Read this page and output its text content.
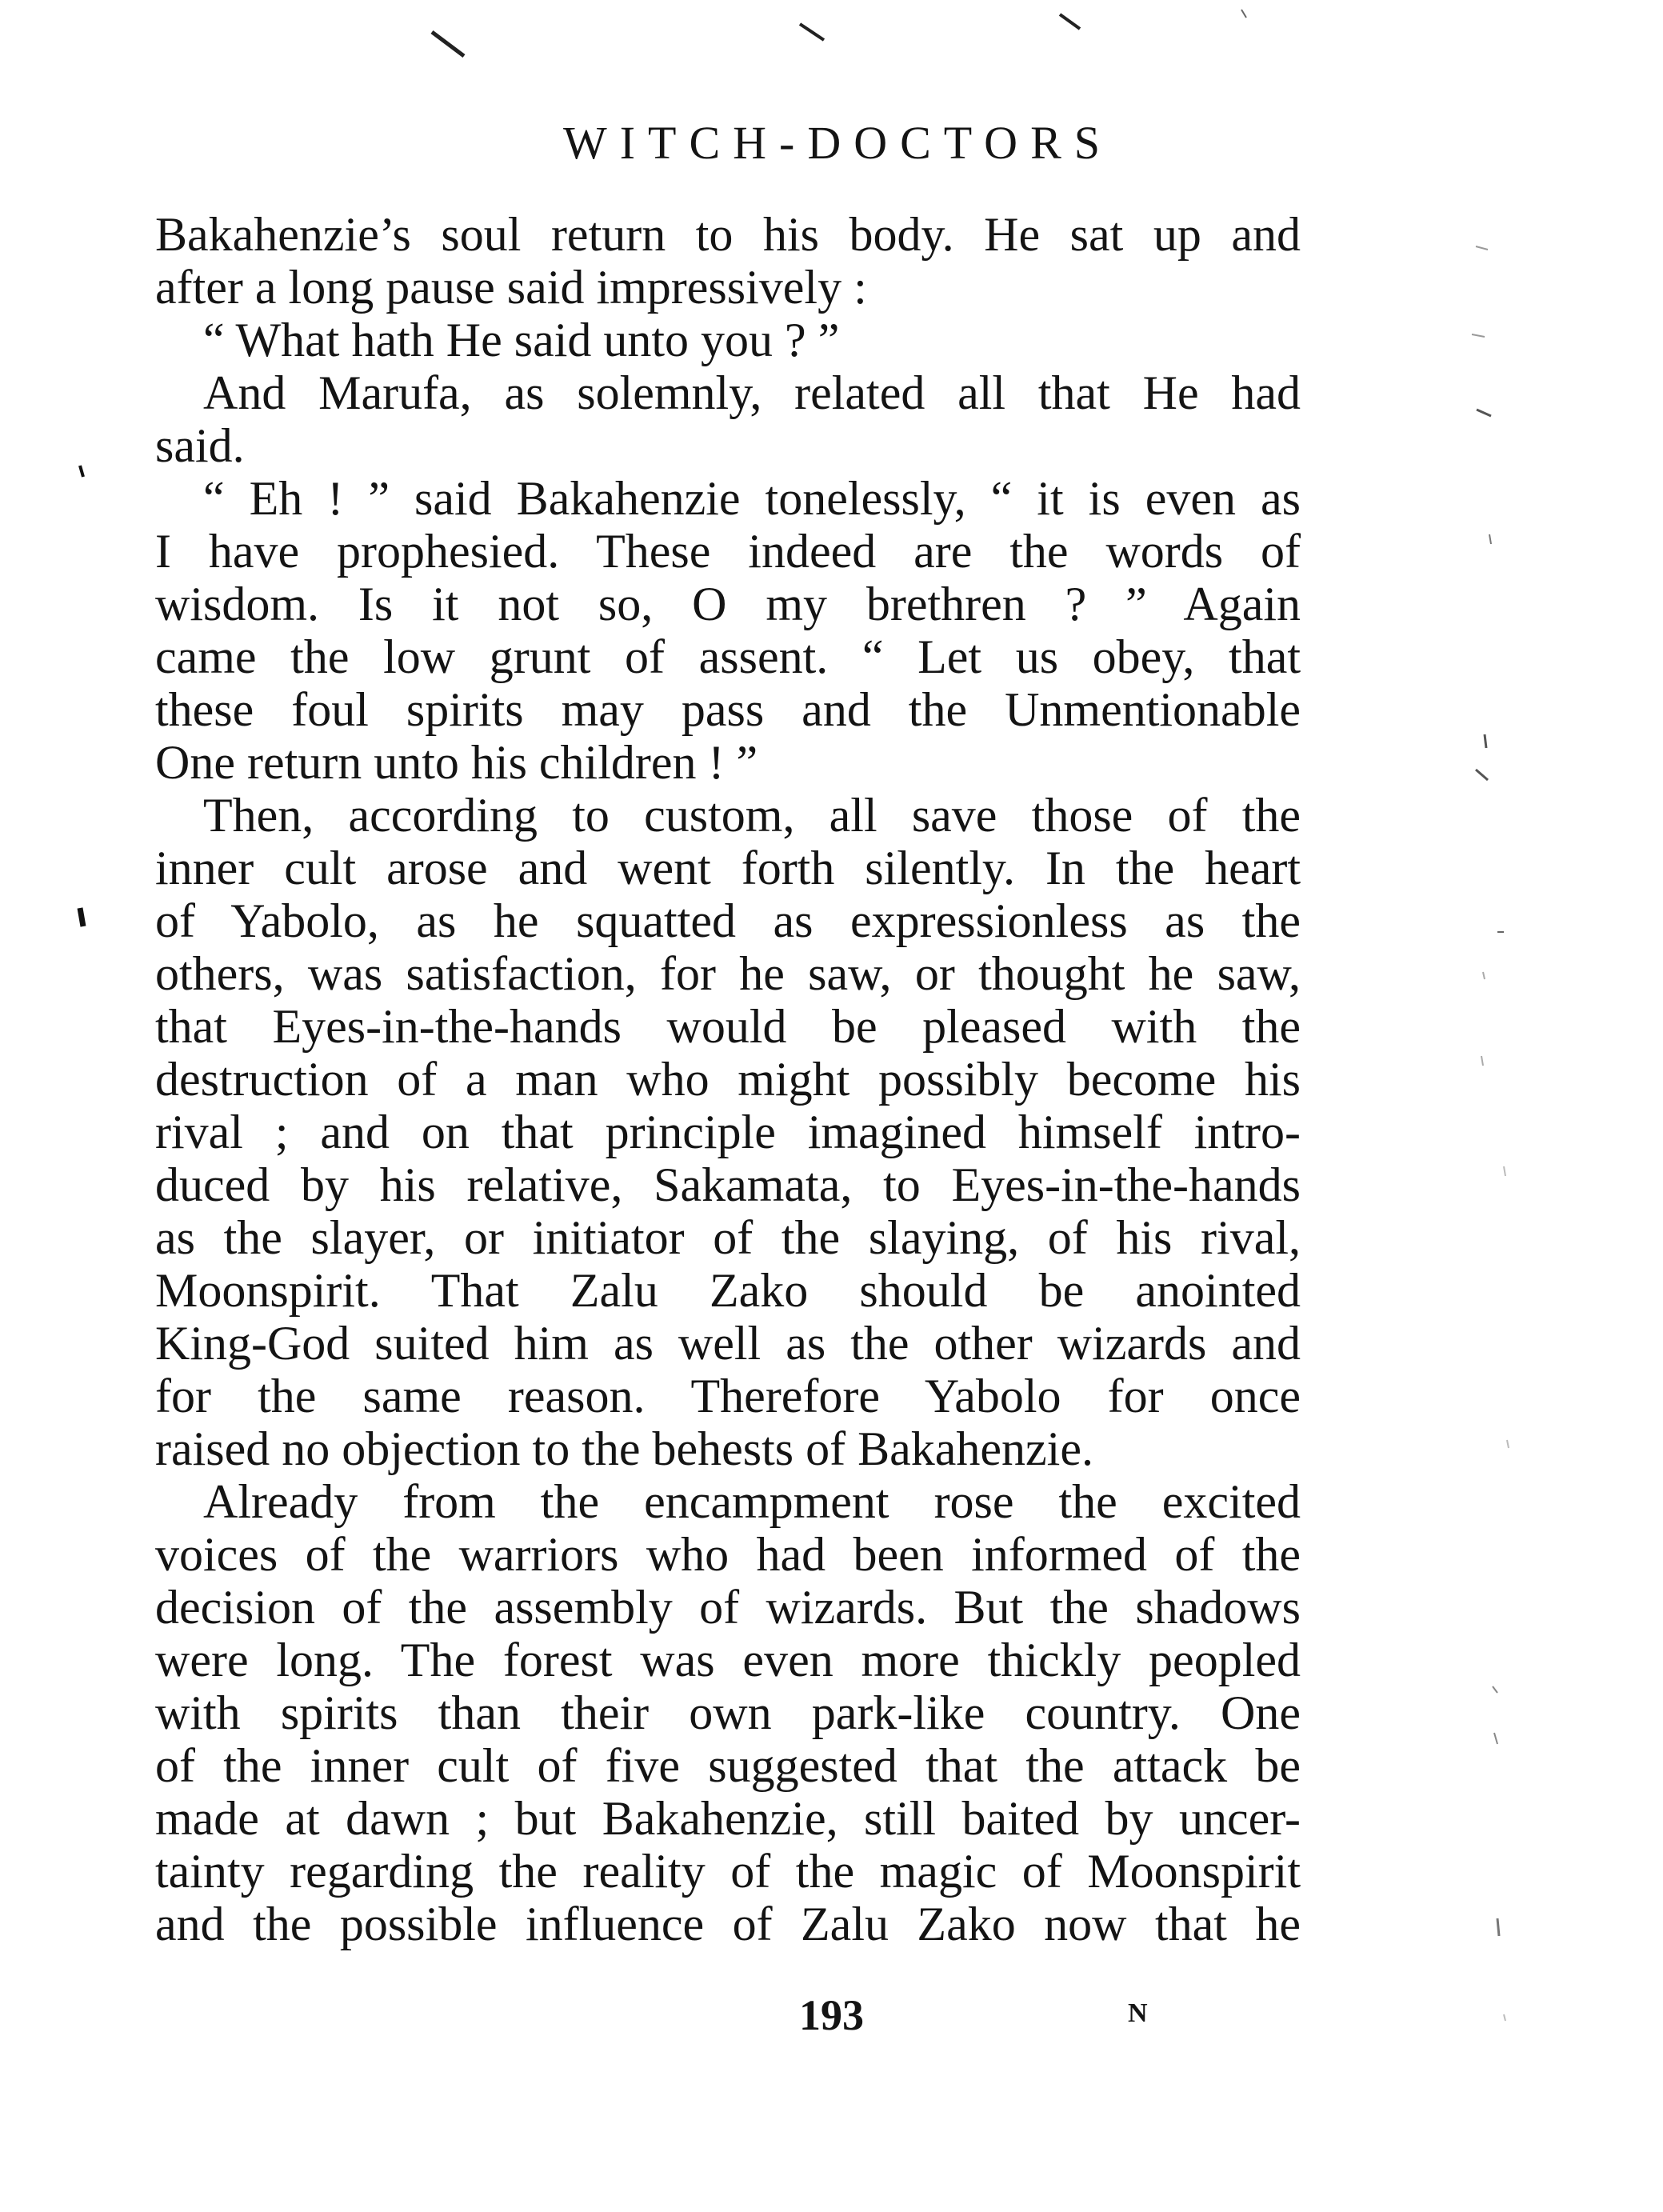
WITCH-DOCTORS
Bakahenzie’s soul return to his body. He sat up and
after a long pause said impressively :
“ What hath He said unto you ? ”
And Marufa, as solemnly, related all that He had
said.
“ Eh ! ” said Bakahenzie tonelessly, “ it is even as
I have prophesied. These indeed are the words of
wisdom. Is it not so, O my brethren ? ” Again
came the low grunt of assent. “ Let us obey, that
these foul spirits may pass and the Unmentionable
One return unto his children ! ”
Then, according to custom, all save those of the
inner cult arose and went forth silently. In the heart
of Yabolo, as he squatted as expressionless as the
others, was satisfaction, for he saw, or thought he saw,
that Eyes-in-the-hands would be pleased with the
destruction of a man who might possibly become his
rival ; and on that principle imagined himself intro-
duced by his relative, Sakamata, to Eyes-in-the-hands
as the slayer, or initiator of the slaying, of his rival,
Moonspirit. That Zalu Zako should be anointed
King-God suited him as well as the other wizards and
for the same reason. Therefore Yabolo for once
raised no objection to the behests of Bakahenzie.
Already from the encampment rose the excited
voices of the warriors who had been informed of the
decision of the assembly of wizards. But the shadows
were long. The forest was even more thickly peopled
with spirits than their own park-like country. One
of the inner cult of five suggested that the attack be
made at dawn ; but Bakahenzie, still baited by uncer-
tainty regarding the reality of the magic of Moonspirit
and the possible influence of Zalu Zako now that he
193	N
